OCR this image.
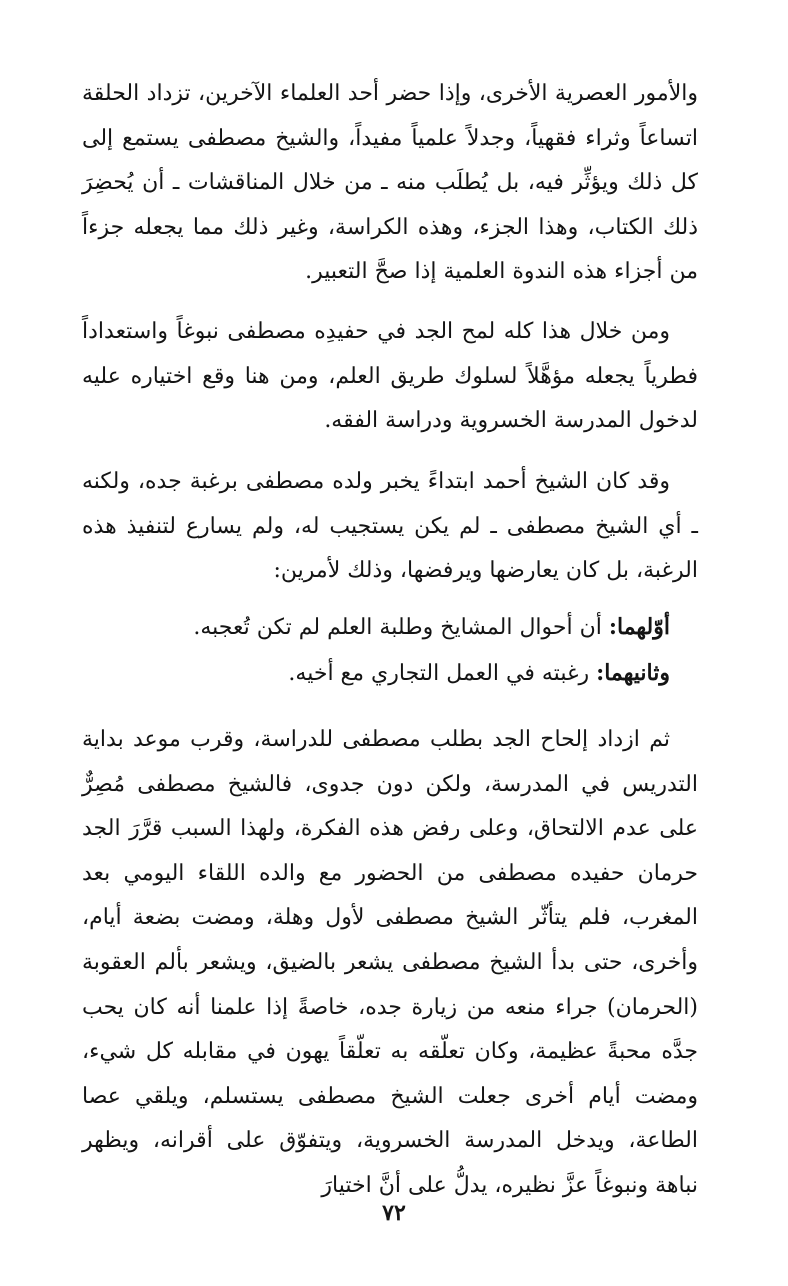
والأمور العصرية الأخرى، وإذا حضر أحد العلماء الآخرين، تزداد الحلقة اتساعاً وثراء فقهياً، وجدلاً علمياً مفيداً، والشيخ مصطفى يستمع إلى كل ذلك ويؤثِّر فيه، بل يُطلَب منه ـ من خلال المناقشات ـ أن يُحضِرَ ذلك الكتاب، وهذا الجزء، وهذه الكراسة، وغير ذلك مما يجعله جزءاً من أجزاء هذه الندوة العلمية إذا صحَّ التعبير.

ومن خلال هذا كله لمح الجد في حفيدِه مصطفى نبوغاً واستعداداً فطرياً يجعله مؤهَّلاً لسلوك طريق العلم، ومن هنا وقع اختياره عليه لدخول المدرسة الخسروية ودراسة الفقه.

وقد كان الشيخ أحمد ابتداءً يخبر ولده مصطفى برغبة جده، ولكنه ـ أي الشيخ مصطفى ـ لم يكن يستجيب له، ولم يسارع لتنفيذ هذه الرغبة، بل كان يعارضها ويرفضها، وذلك لأمرين:

أوّلهما: أن أحوال المشايخ وطلبة العلم لم تكن تُعجبه.

وثانيهما: رغبته في العمل التجاري مع أخيه.

ثم ازداد إلحاح الجد بطلب مصطفى للدراسة، وقرب موعد بداية التدريس في المدرسة، ولكن دون جدوى، فالشيخ مصطفى مُصِرٌّ على عدم الالتحاق، وعلى رفض هذه الفكرة، ولهذا السبب قرَّرَ الجد حرمان حفيده مصطفى من الحضور مع والده اللقاء اليومي بعد المغرب، فلم يتأثّر الشيخ مصطفى لأول وهلة، ومضت بضعة أيام، وأخرى، حتى بدأ الشيخ مصطفى يشعر بالضيق، ويشعر بألم العقوبة (الحرمان) جراء منعه من زيارة جده، خاصةً إذا علمنا أنه كان يحب جدَّه محبةً عظيمة، وكان تعلّقه به تعلّقاً يهون في مقابله كل شيء، ومضت أيام أخرى جعلت الشيخ مصطفى يستسلم، ويلقي عصا الطاعة، ويدخل المدرسة الخسروية، ويتفوّق على أقرانه، ويظهر نباهة ونبوغاً عزَّ نظيره، يدلُّ على أنَّ اختيارَ

٧٢
